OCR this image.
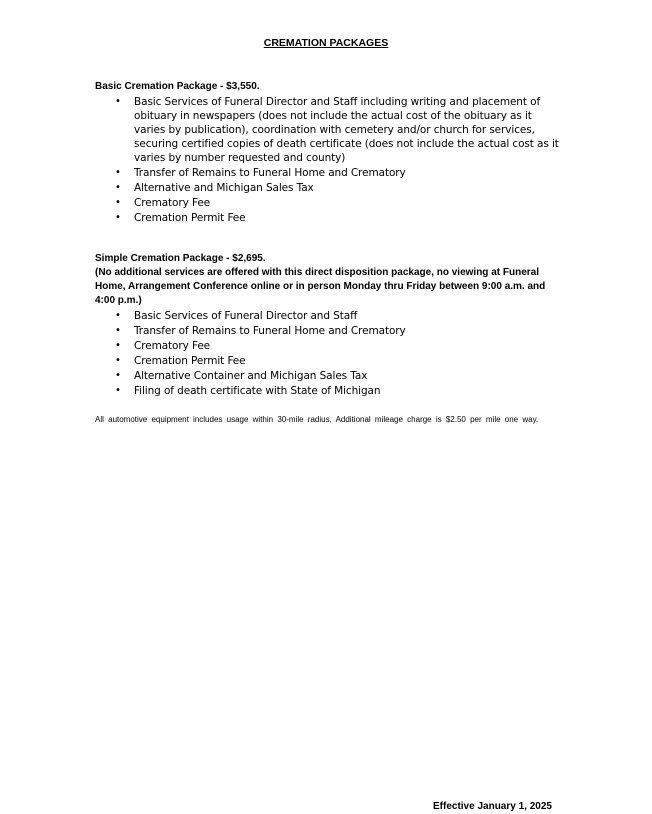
CREMATION PACKAGES
Basic Cremation Package - $3,550.
• Basic Services of Funeral Director and Staff including writing and placement of obituary in newspapers (does not include the actual cost of the obituary as it varies by publication), coordination with cemetery and/or church for services, securing certified copies of death certificate (does not include the actual cost as it varies by number requested and county)
• Transfer of Remains to Funeral Home and Crematory
• Alternative and Michigan Sales Tax
• Crematory Fee
• Cremation Permit Fee
Simple Cremation Package - $2,695.
(No additional services are offered with this direct disposition package, no viewing at Funeral Home, Arrangement Conference online or in person Monday thru Friday between 9:00 a.m. and 4:00 p.m.)
• Basic Services of Funeral Director and Staff
• Transfer of Remains to Funeral Home and Crematory
• Crematory Fee
• Cremation Permit Fee
• Alternative Container and Michigan Sales Tax
• Filing of death certificate with State of Michigan
All automotive equipment includes usage within 30-mile radius, Additional mileage charge is $2.50 per mile one way.
Effective January 1, 2025
